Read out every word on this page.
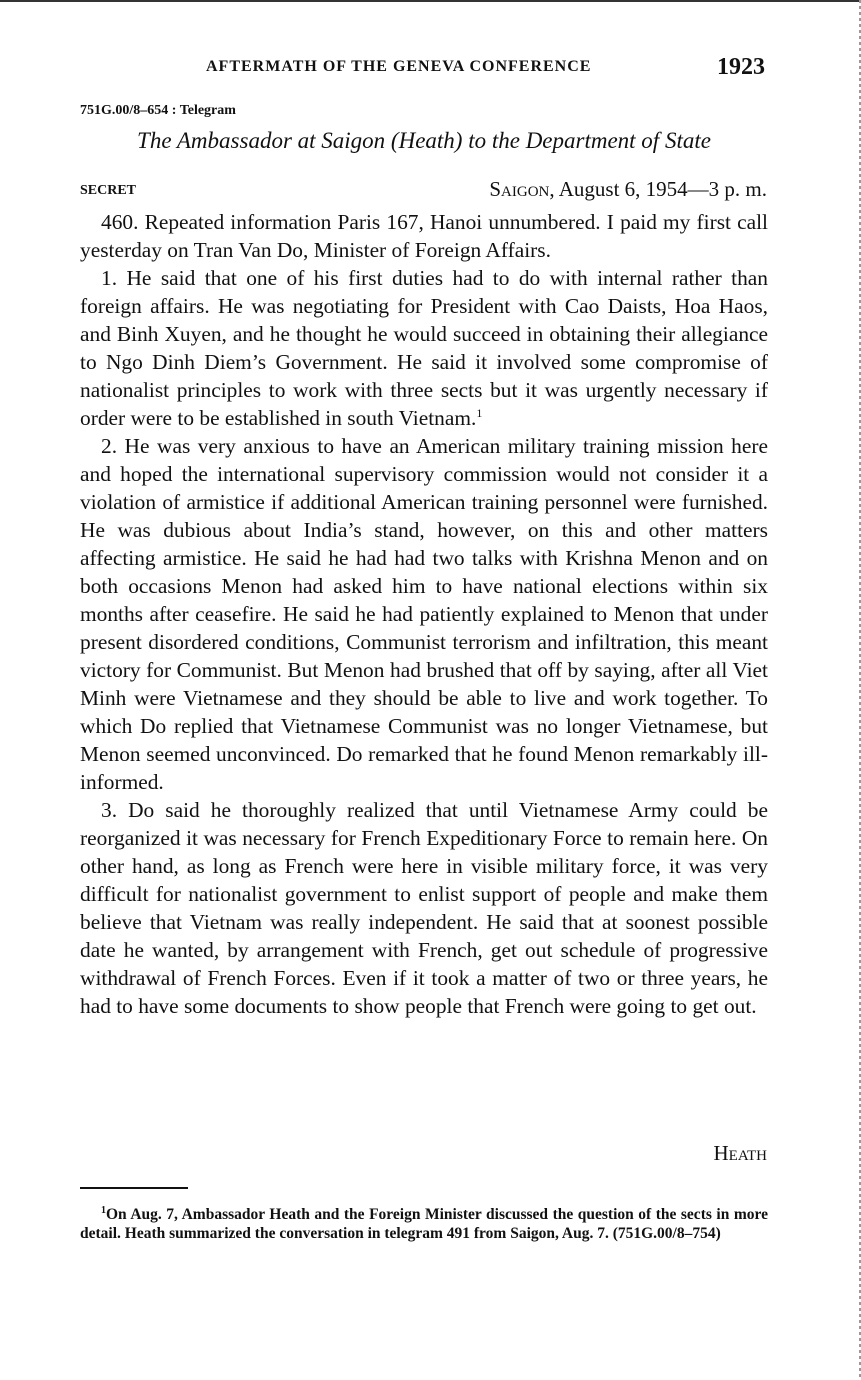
AFTERMATH OF THE GENEVA CONFERENCE	1923
751G.00/8–654 : Telegram
The Ambassador at Saigon (Heath) to the Department of State
SECRET	Saigon, August 6, 1954—3 p. m.

460. Repeated information Paris 167, Hanoi unnumbered. I paid my first call yesterday on Tran Van Do, Minister of Foreign Affairs.

1. He said that one of his first duties had to do with internal rather than foreign affairs. He was negotiating for President with Cao Daists, Hoa Haos, and Binh Xuyen, and he thought he would succeed in obtaining their allegiance to Ngo Dinh Diem’s Government. He said it involved some compromise of nationalist principles to work with three sects but it was urgently necessary if order were to be established in south Vietnam.$^1$

2. He was very anxious to have an American military training mission here and hoped the international supervisory commission would not consider it a violation of armistice if additional American training personnel were furnished. He was dubious about India’s stand, however, on this and other matters affecting armistice. He said he had had two talks with Krishna Menon and on both occasions Menon had asked him to have national elections within six months after ceasefire. He said he had patiently explained to Menon that under present disordered conditions, Communist terrorism and infiltration, this meant victory for Communist. But Menon had brushed that off by saying, after all Viet Minh were Vietnamese and they should be able to live and work together. To which Do replied that Vietnamese Communist was no longer Vietnamese, but Menon seemed unconvinced. Do remarked that he found Menon remarkably ill-informed.

3. Do said he thoroughly realized that until Vietnamese Army could be reorganized it was necessary for French Expeditionary Force to remain here. On other hand, as long as French were here in visible military force, it was very difficult for nationalist government to enlist support of people and make them believe that Vietnam was really independent. He said that at soonest possible date he wanted, by arrangement with French, get out schedule of progressive withdrawal of French Forces. Even if it took a matter of two or three years, he had to have some documents to show people that French were going to get out.

Heath

$^1$On Aug. 7, Ambassador Heath and the Foreign Minister discussed the question of the sects in more detail. Heath summarized the conversation in telegram 491 from Saigon, Aug. 7. (751G.00/8–754)
